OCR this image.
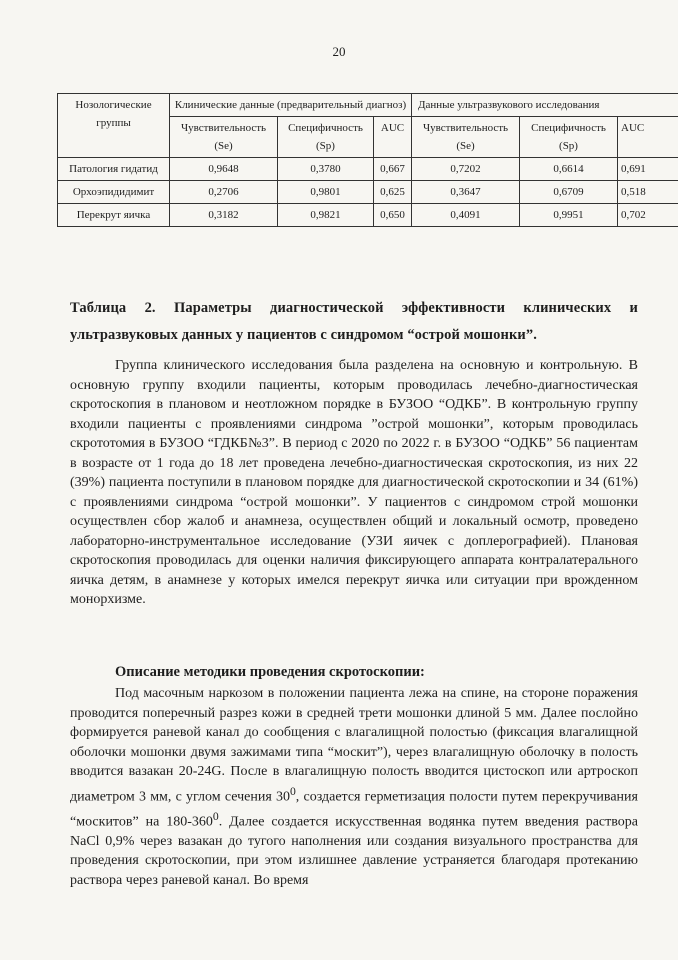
20
Нозологические группы	Клинические данные (предварительный диагноз)			Данные ультразвукового исследования		
	Чувствительность (Se)	Специфичность (Sp)	AUC	Чувствительность (Se)	Специфичность (Sp)	AUC
Патология гидатид	0,9648	0,3780	0,667	0,7202	0,6614	0,691
Орхоэпидидимит	0,2706	0,9801	0,625	0,3647	0,6709	0,518
Перекрут яичка	0,3182	0,9821	0,650	0,4091	0,9951	0,702
Таблица 2. Параметры диагностической эффективности клинических и ультразвуковых данных у пациентов с синдромом “острой мошонки”.

Группа клинического исследования была разделена на основную и контрольную. В основную группу входили пациенты, которым проводилась лечебно-диагностическая скротоскопия в плановом и неотложном порядке в БУЗОО “ОДКБ”. В контрольную группу входили пациенты с проявлениями синдрома ”острой мошонки”, которым проводилась скрототомия в БУЗОО “ГДКБ№3”. В период с 2020 по 2022 г. в БУЗОО “ОДКБ” 56 пациентам в возрасте от 1 года до 18 лет проведена лечебно-диагностическая скротоскопия, из них 22 (39%) пациента поступили в плановом порядке для диагностической скротоскопии и 34 (61%) с проявлениями синдрома “острой мошонки”. У пациентов с синдромом строй мошонки осуществлен сбор жалоб и анамнеза, осуществлен общий и локальный осмотр, проведено лабораторно-инструментальное исследование (УЗИ яичек с доплерографией). Плановая скротоскопия проводилась для оценки наличия фиксирующего аппарата контралатерального яичка детям, в анамнезе у которых имелся перекрут яичка или ситуации при врожденном монорхизме.

Описание методики проведения скротоскопии:

Под масочным наркозом в положении пациента лежа на спине, на стороне поражения проводится поперечный разрез кожи в средней трети мошонки длиной 5 мм. Далее послойно формируется раневой канал до сообщения с влагалищной полостью (фиксация влагалищной оболочки мошонки двумя зажимами типа “москит”), через влагалищную оболочку в полость вводится вазакан 20-24G. После в влагалищную полость вводится цистоскоп или артроскоп диаметром 3 мм, с углом сечения $30^0$, создается герметизация полости путем перекручивания “москитов” на $180-360^0$. Далее создается искусственная водянка путем введения раствора NaCl 0,9% через вазакан до тугого наполнения или создания визуального пространства для проведения скротоскопии, при этом излишнее давление устраняется благодаря протеканию раствора через раневой канал. Во время
